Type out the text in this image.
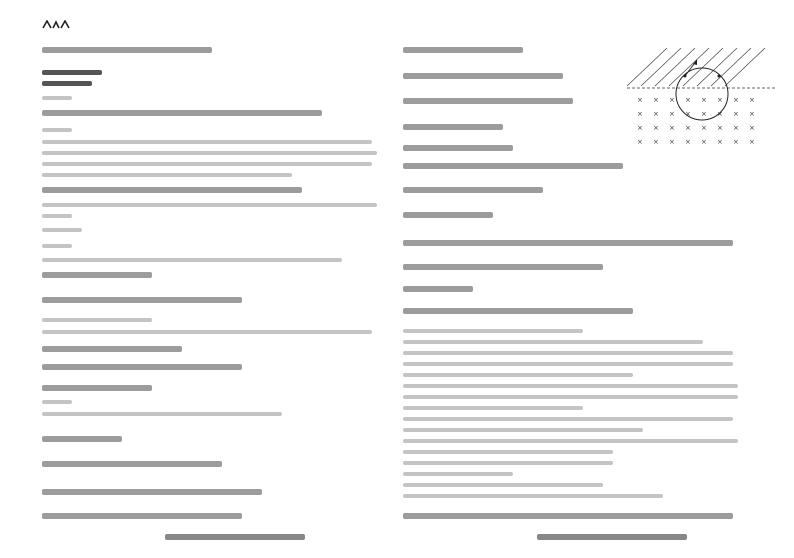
× × × × × × × ×
× × × × × × × ×
× × × × × × × ×
× × × × × × × ×
